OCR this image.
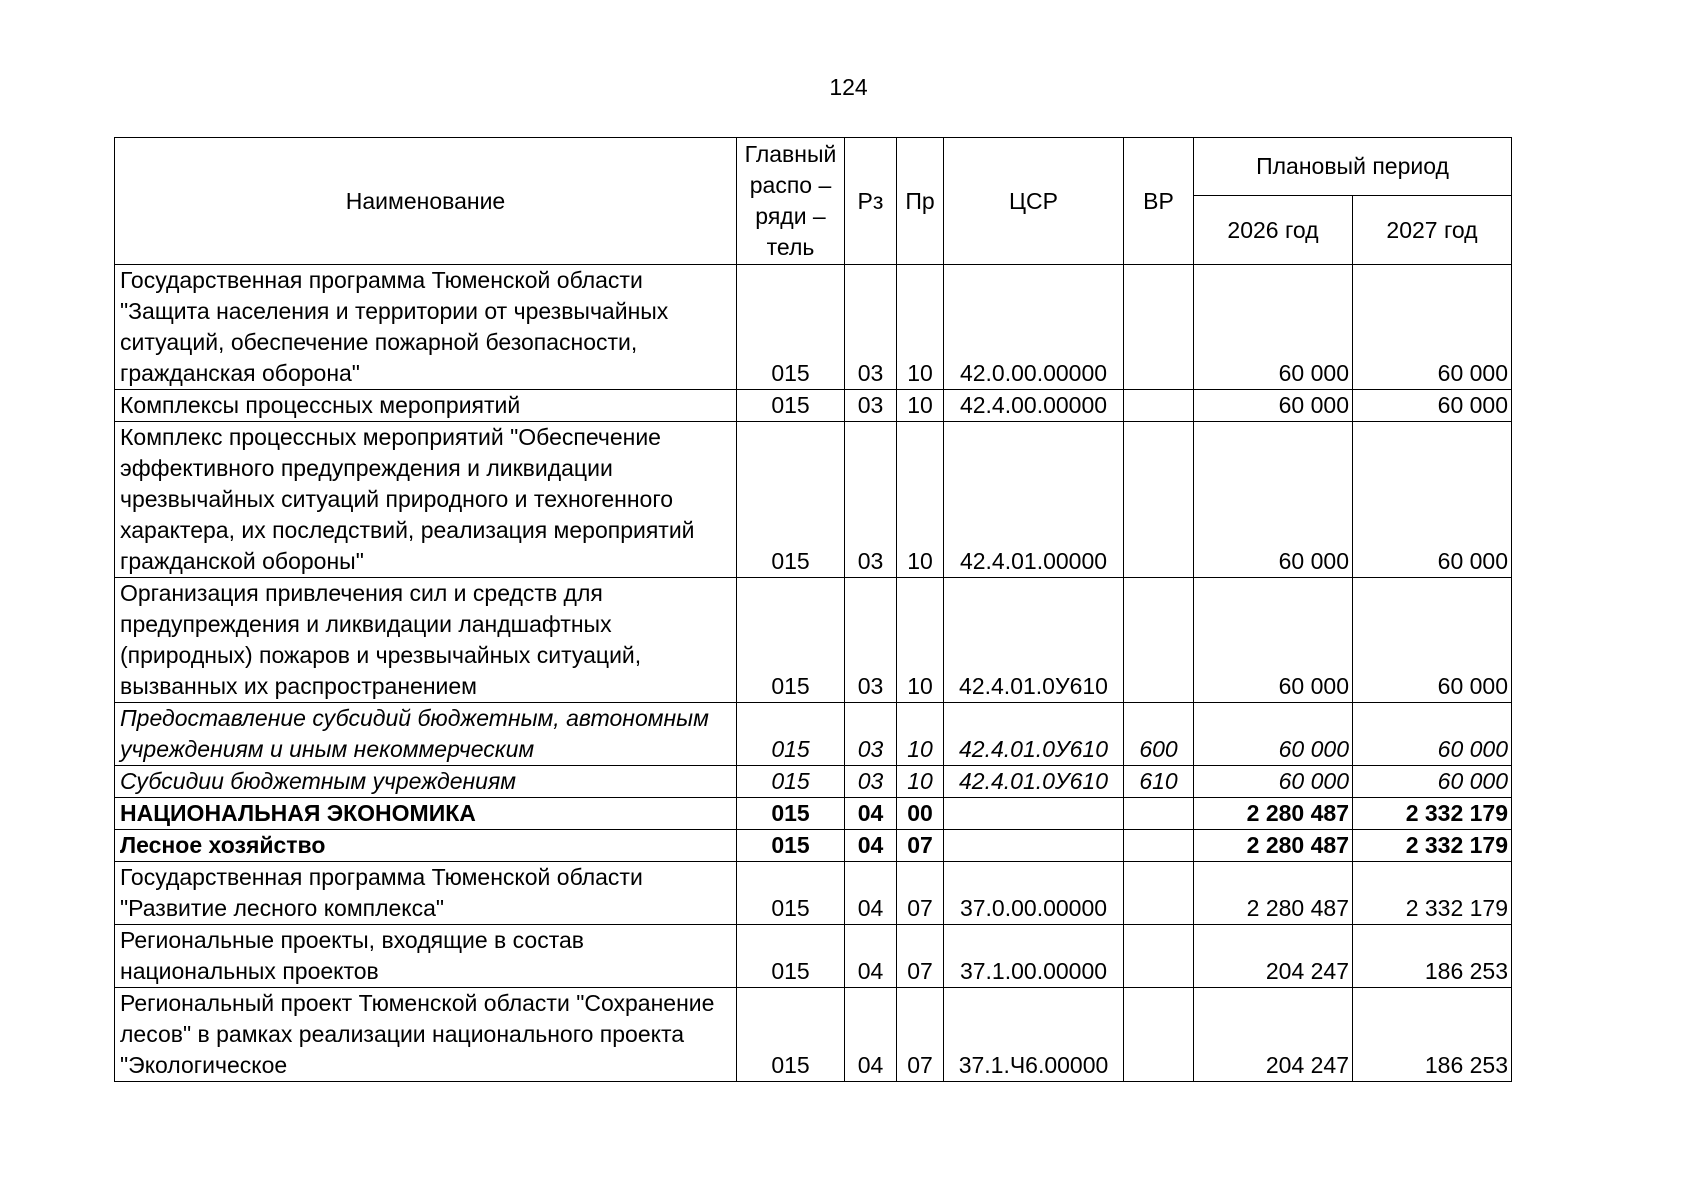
124
Наименование	Главный распо – ряди – тель	Рз	Пр	ЦСР	ВР	Плановый период	
						2026 год	2027 год
Государственная программа Тюменской области "Защита населения и территории от чрезвычайных ситуаций, обеспечение пожарной безопасности, гражданская оборона"	015	03	10	42.0.00.00000		60 000	60 000
Комплексы процессных мероприятий	015	03	10	42.4.00.00000		60 000	60 000
Комплекс процессных мероприятий "Обеспечение эффективного предупреждения и ликвидации чрезвычайных ситуаций природного и техногенного характера, их последствий, реализация мероприятий гражданской обороны"	015	03	10	42.4.01.00000		60 000	60 000
Организация привлечения сил и средств для предупреждения и ликвидации ландшафтных (природных) пожаров и чрезвычайных ситуаций, вызванных их распространением	015	03	10	42.4.01.0У610		60 000	60 000
Предоставление субсидий бюджетным, автономным учреждениям и иным некоммерческим	015	03	10	42.4.01.0У610	600	60 000	60 000
Субсидии бюджетным учреждениям	015	03	10	42.4.01.0У610	610	60 000	60 000
НАЦИОНАЛЬНАЯ ЭКОНОМИКА	015	04	00			2 280 487	2 332 179
Лесное хозяйство	015	04	07			2 280 487	2 332 179
Государственная программа Тюменской области "Развитие лесного комплекса"	015	04	07	37.0.00.00000		2 280 487	2 332 179
Региональные проекты, входящие в состав национальных проектов	015	04	07	37.1.00.00000		204 247	186 253
Региональный проект Тюменской области "Сохранение лесов" в рамках реализации национального проекта "Экологическое	015	04	07	37.1.Ч6.00000		204 247	186 253
